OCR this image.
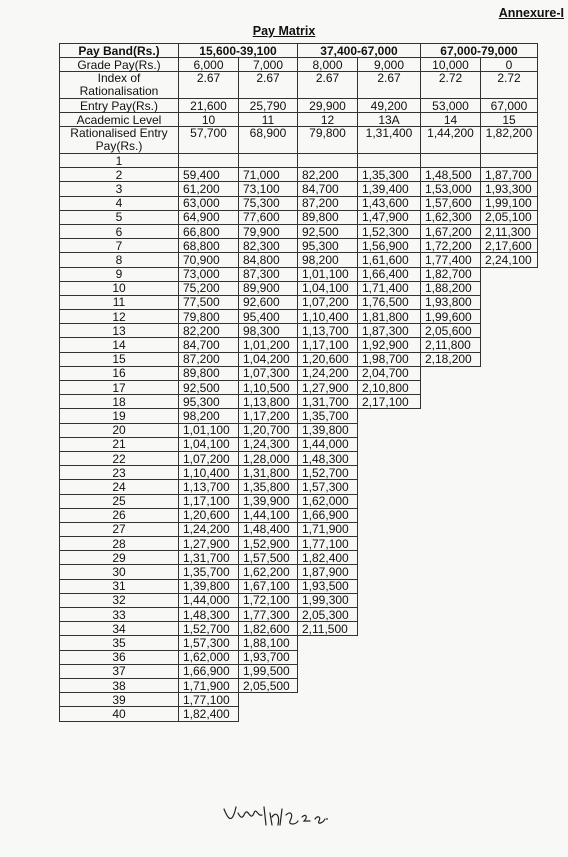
Annexure-I
Pay Matrix
Pay Band(Rs.)	15,600-39,100		37,400-67,000		67,000-79,000	
Grade Pay(Rs.)	6,000	7,000	8,000	9,000	10,000	0
Index of Rationalisation	2.67	2.67	2.67	2.67	2.72	2.72
Entry Pay(Rs.)	21,600	25,790	29,900	49,200	53,000	67,000
Academic Level	10	11	12	13A	14	15
Rationalised Entry Pay(Rs.)	57,700	68,900	79,800	1,31,400	1,44,200	1,82,200
1						
2	59,400	71,000	82,200	1,35,300	1,48,500	1,87,700
3	61,200	73,100	84,700	1,39,400	1,53,000	1,93,300
4	63,000	75,300	87,200	1,43,600	1,57,600	1,99,100
5	64,900	77,600	89,800	1,47,900	1,62,300	2,05,100
6	66,800	79,900	92,500	1,52,300	1,67,200	2,11,300
7	68,800	82,300	95,300	1,56,900	1,72,200	2,17,600
8	70,900	84,800	98,200	1,61,600	1,77,400	2,24,100
9	73,000	87,300	1,01,100	1,66,400	1,82,700	
10	75,200	89,900	1,04,100	1,71,400	1,88,200	
11	77,500	92,600	1,07,200	1,76,500	1,93,800	
12	79,800	95,400	1,10,400	1,81,800	1,99,600	
13	82,200	98,300	1,13,700	1,87,300	2,05,600	
14	84,700	1,01,200	1,17,100	1,92,900	2,11,800	
15	87,200	1,04,200	1,20,600	1,98,700	2,18,200	
16	89,800	1,07,300	1,24,200	2,04,700		
17	92,500	1,10,500	1,27,900	2,10,800		
18	95,300	1,13,800	1,31,700	2,17,100		
19	98,200	1,17,200	1,35,700			
20	1,01,100	1,20,700	1,39,800			
21	1,04,100	1,24,300	1,44,000			
22	1,07,200	1,28,000	1,48,300			
23	1,10,400	1,31,800	1,52,700			
24	1,13,700	1,35,800	1,57,300			
25	1,17,100	1,39,900	1,62,000			
26	1,20,600	1,44,100	1,66,900			
27	1,24,200	1,48,400	1,71,900			
28	1,27,900	1,52,900	1,77,100			
29	1,31,700	1,57,500	1,82,400			
30	1,35,700	1,62,200	1,87,900			
31	1,39,800	1,67,100	1,93,500			
32	1,44,000	1,72,100	1,99,300			
33	1,48,300	1,77,300	2,05,300			
34	1,52,700	1,82,600	2,11,500			
35	1,57,300	1,88,100				
36	1,62,000	1,93,700				
37	1,66,900	1,99,500				
38	1,71,900	2,05,500				
39	1,77,100					
40	1,82,400					
